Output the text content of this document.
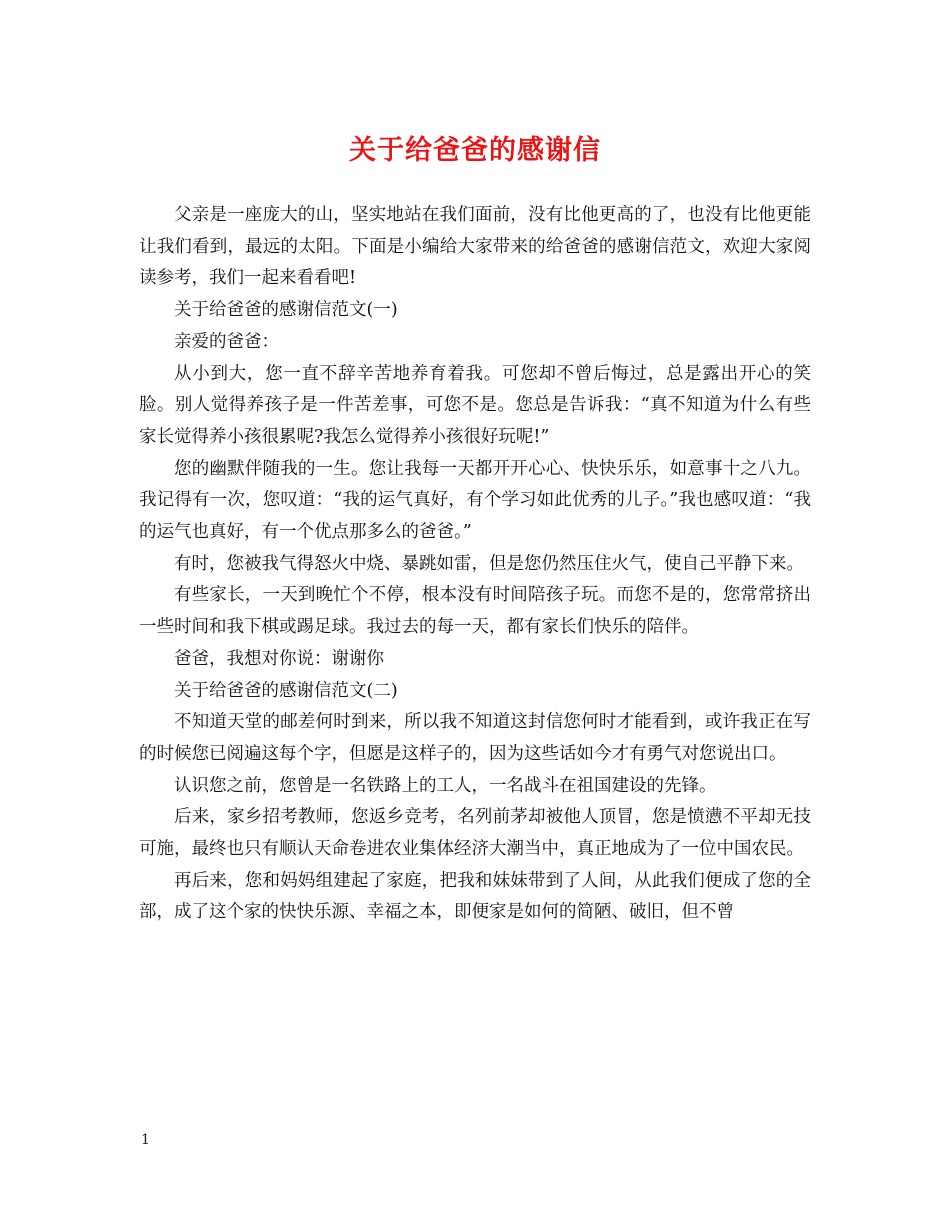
关于给爸爸的感谢信

父亲是一座庞大的山，坚实地站在我们面前，没有比他更高的了，也没有比他更能让我们看到，最远的太阳。下面是小编给大家带来的给爸爸的感谢信范文，欢迎大家阅读参考，我们一起来看看吧!

关于给爸爸的感谢信范文(一)

亲爱的爸爸：

从小到大，您一直不辞辛苦地养育着我。可您却不曾后悔过，总是露出开心的笑脸。别人觉得养孩子是一件苦差事，可您不是。您总是告诉我：“真不知道为什么有些家长觉得养小孩很累呢?我怎么觉得养小孩很好玩呢!”

您的幽默伴随我的一生。您让我每一天都开开心心、快快乐乐，如意事十之八九。我记得有一次，您叹道：“我的运气真好，有个学习如此优秀的儿子。”我也感叹道：“我的运气也真好，有一个优点那多么的爸爸。”

有时，您被我气得怒火中烧、暴跳如雷，但是您仍然压住火气，使自己平静下来。

有些家长，一天到晚忙个不停，根本没有时间陪孩子玩。而您不是的，您常常挤出一些时间和我下棋或踢足球。我过去的每一天，都有家长们快乐的陪伴。

爸爸，我想对你说：谢谢你

关于给爸爸的感谢信范文(二)

不知道天堂的邮差何时到来，所以我不知道这封信您何时才能看到，或许我正在写的时候您已阅遍这每个字，但愿是这样子的，因为这些话如今才有勇气对您说出口。

认识您之前，您曾是一名铁路上的工人，一名战斗在祖国建设的先锋。

后来，家乡招考教师，您返乡竞考，名列前茅却被他人顶冒，您是愤懑不平却无技可施，最终也只有顺认天命卷进农业集体经济大潮当中，真正地成为了一位中国农民。

再后来，您和妈妈组建起了家庭，把我和妹妹带到了人间，从此我们便成了您的全部，成了这个家的快快乐源、幸福之本，即便家是如何的简陋、破旧，但不曾

1
